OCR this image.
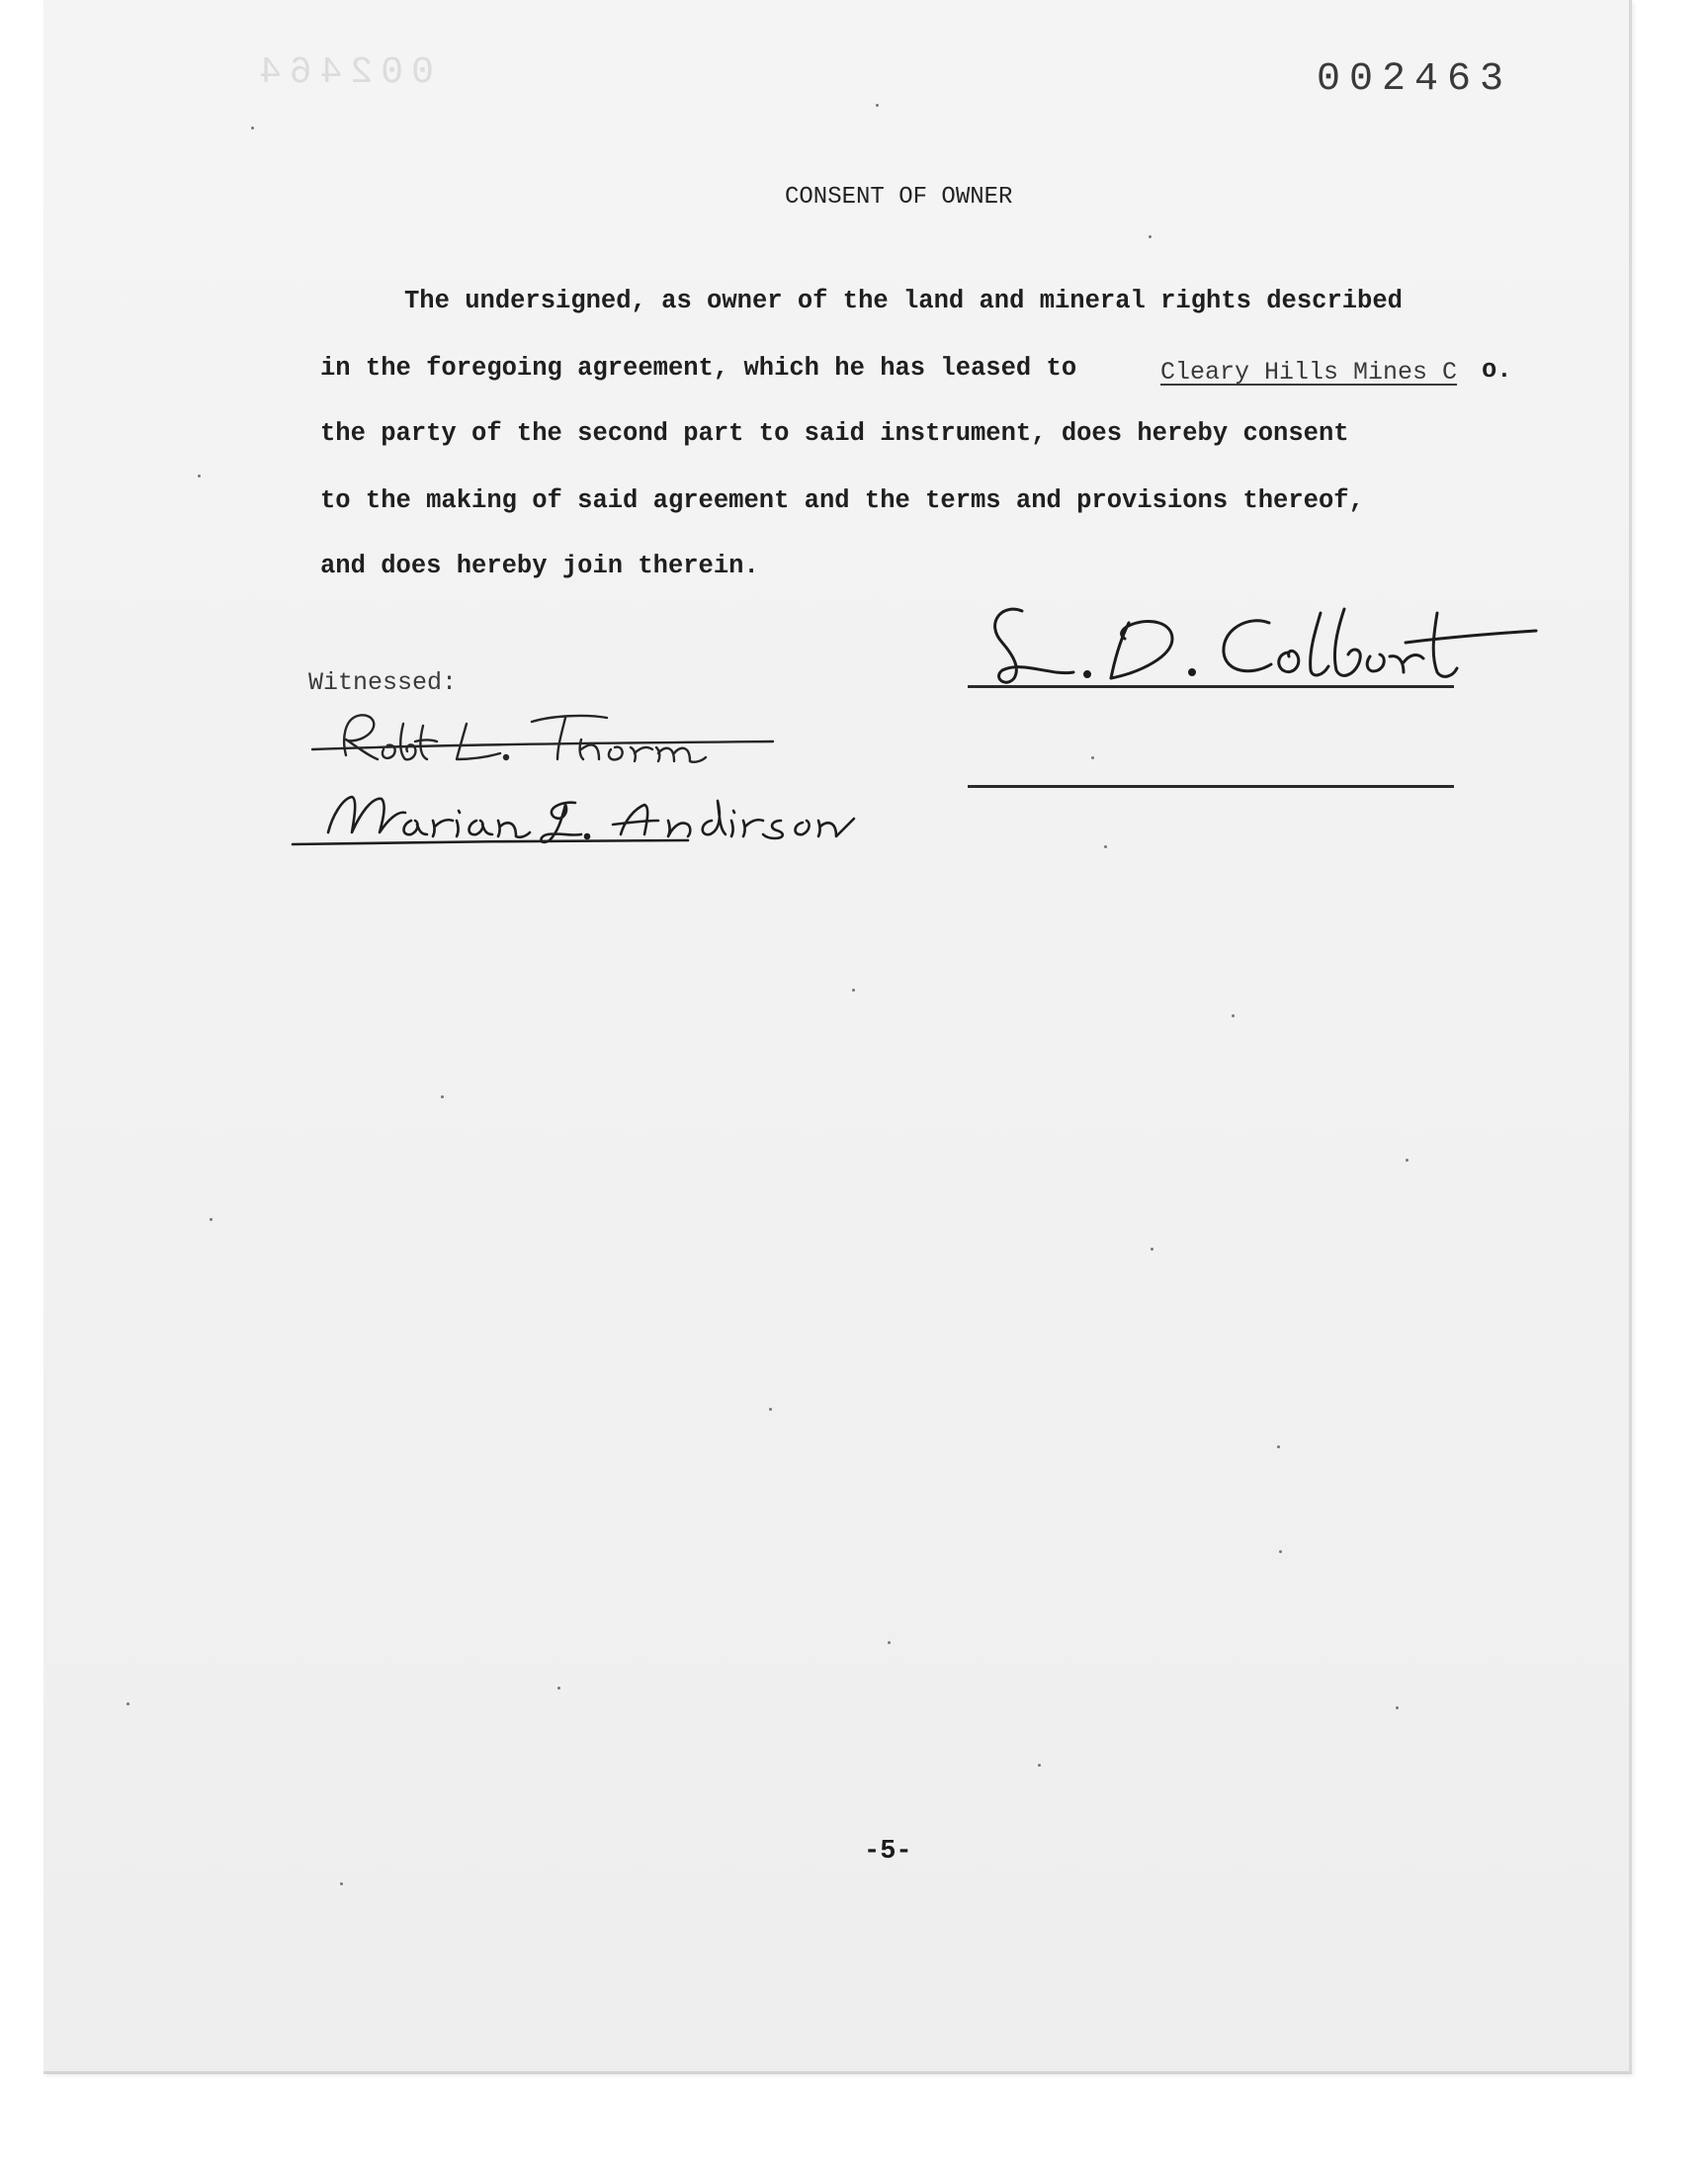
002464	002463
CONSENT OF OWNER
The undersigned, as owner of the land and mineral rights described
in the foregoing agreement, which he has leased to	Cleary Hills Mines C o.
the party of the second part to said instrument, does hereby consent
to the making of said agreement and the terms and provisions thereof,
and does hereby join therein.
Witnessed:
-5-
